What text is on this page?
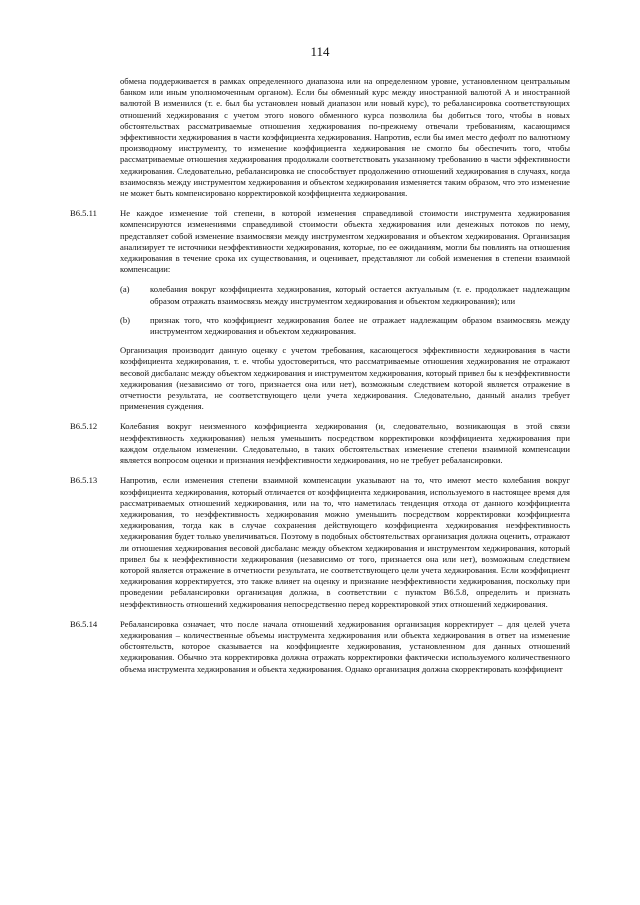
114

обмена поддерживается в рамках определенного диапазона или на определенном уровне, установленном центральным банком или иным уполномоченным органом). Если бы обменный курс между иностранной валютой А и иностранной валютой В изменился (т. е. был бы установлен новый диапазон или новый курс), то ребалансировка соответствующих отношений хеджирования с учетом этого нового обменного курса позволила бы добиться того, чтобы в новых обстоятельствах рассматриваемые отношения хеджирования по-прежнему отвечали требованиям, касающимся эффективности хеджирования в части коэффициента хеджирования. Напротив, если бы имел место дефолт по валютному производному инструменту, то изменение коэффициента хеджирования не смогло бы обеспечить того, чтобы рассматриваемые отношения хеджирования продолжали соответствовать указанному требованию в части эффективности хеджирования. Следовательно, ребалансировка не способствует продолжению отношений хеджирования в случаях, когда взаимосвязь между инструментом хеджирования и объектом хеджирования изменяется таким образом, что это изменение не может быть компенсировано корректировкой коэффициента хеджирования.

B6.5.11	Не каждое изменение той степени, в которой изменения справедливой стоимости инструмента хеджирования компенсируются изменениями справедливой стоимости объекта хеджирования или денежных потоков по нему, представляет собой изменение взаимосвязи между инструментом хеджирования и объектом хеджирования. Организация анализирует те источники неэффективности хеджирования, которые, по ее ожиданиям, могли бы повлиять на отношения хеджирования в течение срока их существования, и оценивает, представляют ли собой изменения в степени взаимной компенсации:

(a)	колебания вокруг коэффициента хеджирования, который остается актуальным (т. е. продолжает надлежащим образом отражать взаимосвязь между инструментом хеджирования и объектом хеджирования); или
(b)	признак того, что коэффициент хеджирования более не отражает надлежащим образом взаимосвязь между инструментом хеджирования и объектом хеджирования.

Организация производит данную оценку с учетом требования, касающегося эффективности хеджирования в части коэффициента хеджирования, т. е. чтобы удостовериться, что рассматриваемые отношения хеджирования не отражают весовой дисбаланс между объектом хеджирования и инструментом хеджирования, который привел бы к неэффективности хеджирования (независимо от того, признается она или нет), возможным следствием которой является отражение в отчетности результата, не соответствующего цели учета хеджирования. Следовательно, данный анализ требует применения суждения.

B6.5.12	Колебания вокруг неизменного коэффициента хеджирования (и, следовательно, возникающая в этой связи неэффективность хеджирования) нельзя уменьшить посредством корректировки коэффициента хеджирования при каждом отдельном изменении. Следовательно, в таких обстоятельствах изменение степени взаимной компенсации является вопросом оценки и признания неэффективности хеджирования, но не требует ребалансировки.

B6.5.13	Напротив, если изменения степени взаимной компенсации указывают на то, что имеют место колебания вокруг коэффициента хеджирования, который отличается от коэффициента хеджирования, используемого в настоящее время для рассматриваемых отношений хеджирования, или на то, что наметилась тенденция отхода от данного коэффициента хеджирования, то неэффективность хеджирования можно уменьшить посредством корректировки коэффициента хеджирования, тогда как в случае сохранения действующего коэффициента хеджирования неэффективность хеджирования будет только увеличиваться. Поэтому в подобных обстоятельствах организация должна оценить, отражают ли отношения хеджирования весовой дисбаланс между объектом хеджирования и инструментом хеджирования, который привел бы к неэффективности хеджирования (независимо от того, признается она или нет), возможным следствием которой является отражение в отчетности результата, не соответствующего цели учета хеджирования. Если коэффициент хеджирования корректируется, это также влияет на оценку и признание неэффективности хеджирования, поскольку при проведении ребалансировки организация должна, в соответствии с пунктом B6.5.8, определить и признать неэффективность отношений хеджирования непосредственно перед корректировкой этих отношений хеджирования.

B6.5.14	Ребалансировка означает, что после начала отношений хеджирования организация корректирует – для целей учета хеджирования – количественные объемы инструмента хеджирования или объекта хеджирования в ответ на изменение обстоятельств, которое сказывается на коэффициенте хеджирования, установленном для данных отношений хеджирования. Обычно эта корректировка должна отражать корректировки фактически используемого количественного объема инструмента хеджирования и объекта хеджирования. Однако организация должна скорректировать коэффициент
